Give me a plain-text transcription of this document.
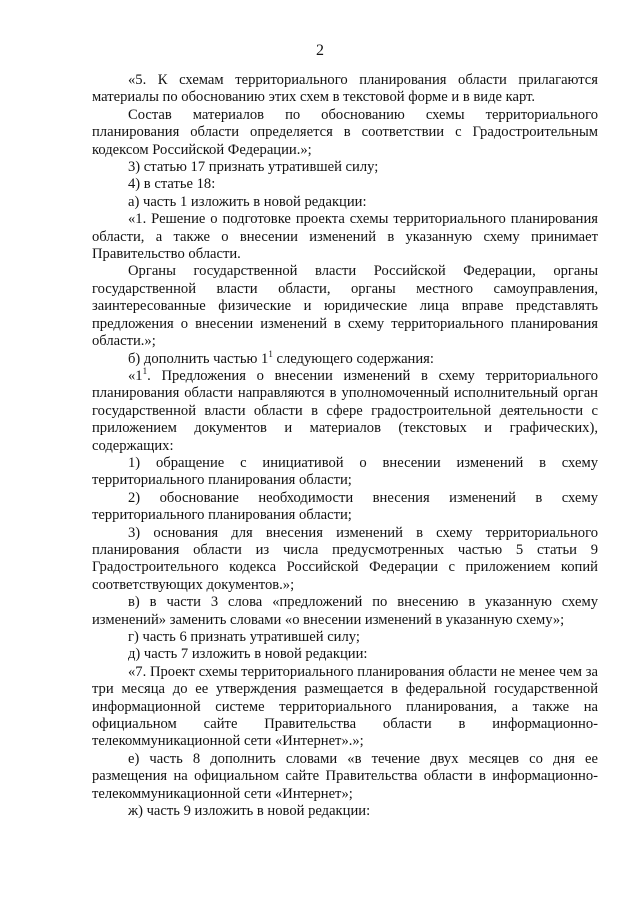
2

«5. К схемам территориального планирования области прилагаются материалы по обоснованию этих схем в текстовой форме и в виде карт.

Состав материалов по обоснованию схемы территориального планирования области определяется в соответствии с Градостроительным кодексом Российской Федерации.»;

3) статью 17 признать утратившей силу;

4) в статье 18:

а) часть 1 изложить в новой редакции:

«1. Решение о подготовке проекта схемы территориального планирования области, а также о внесении изменений в указанную схему принимает Правительство области.

Органы государственной власти Российской Федерации, органы государственной власти области, органы местного самоуправления, заинтересованные физические и юридические лица вправе представлять предложения о внесении изменений в схему территориального планирования области.»;

б) дополнить частью $1^1$ следующего содержания:

«$1^1$. Предложения о внесении изменений в схему территориального планирования области направляются в уполномоченный исполнительный орган государственной власти области в сфере градостроительной деятельности с приложением документов и материалов (текстовых и графических), содержащих:

1) обращение с инициативой о внесении изменений в схему территориального планирования области;

2) обоснование необходимости внесения изменений в схему территориального планирования области;

3) основания для внесения изменений в схему территориального планирования области из числа предусмотренных частью 5 статьи 9 Градостроительного кодекса Российской Федерации с приложением копий соответствующих документов.»;

в) в части 3 слова «предложений по внесению в указанную схему изменений» заменить словами «о внесении изменений в указанную схему»;

г) часть 6 признать утратившей силу;

д) часть 7 изложить в новой редакции:

«7. Проект схемы территориального планирования области не менее чем за три месяца до ее утверждения размещается в федеральной государственной информационной системе территориального планирования, а также на официальном сайте Правительства области в информационно-телекоммуникационной сети «Интернет».»;

е) часть 8 дополнить словами «в течение двух месяцев со дня ее размещения на официальном сайте Правительства области в информационно-телекоммуникационной сети «Интернет»;

ж) часть 9 изложить в новой редакции:
